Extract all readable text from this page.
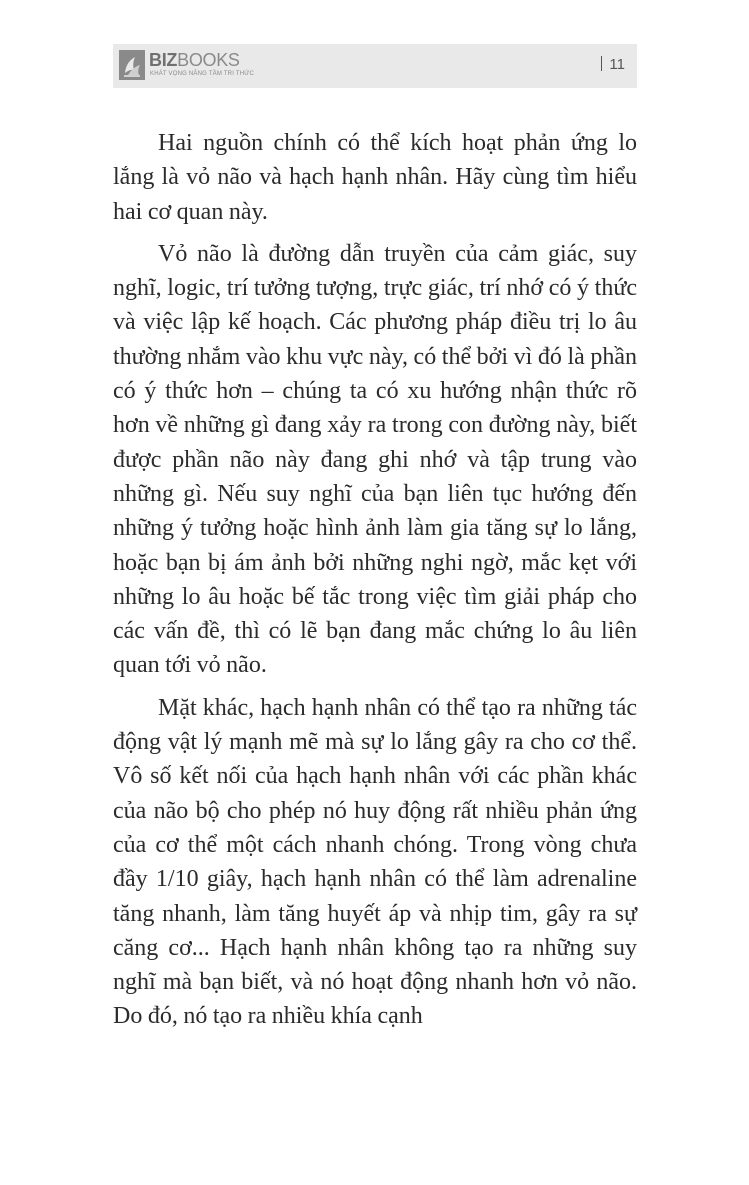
BIZBOOKS
KHÁT VỌNG NÂNG TẦM TRI THỨC
11

Hai nguồn chính có thể kích hoạt phản ứng lo lắng là vỏ não và hạch hạnh nhân. Hãy cùng tìm hiểu hai cơ quan này.

Vỏ não là đường dẫn truyền của cảm giác, suy nghĩ, logic, trí tưởng tượng, trực giác, trí nhớ có ý thức và việc lập kế hoạch. Các phương pháp điều trị lo âu thường nhắm vào khu vực này, có thể bởi vì đó là phần có ý thức hơn – chúng ta có xu hướng nhận thức rõ hơn về những gì đang xảy ra trong con đường này, biết được phần não này đang ghi nhớ và tập trung vào những gì. Nếu suy nghĩ của bạn liên tục hướng đến những ý tưởng hoặc hình ảnh làm gia tăng sự lo lắng, hoặc bạn bị ám ảnh bởi những nghi ngờ, mắc kẹt với những lo âu hoặc bế tắc trong việc tìm giải pháp cho các vấn đề, thì có lẽ bạn đang mắc chứng lo âu liên quan tới vỏ não.

Mặt khác, hạch hạnh nhân có thể tạo ra những tác động vật lý mạnh mẽ mà sự lo lắng gây ra cho cơ thể. Vô số kết nối của hạch hạnh nhân với các phần khác của não bộ cho phép nó huy động rất nhiều phản ứng của cơ thể một cách nhanh chóng. Trong vòng chưa đầy 1/10 giây, hạch hạnh nhân có thể làm adrenaline tăng nhanh, làm tăng huyết áp và nhịp tim, gây ra sự căng cơ... Hạch hạnh nhân không tạo ra những suy nghĩ mà bạn biết, và nó hoạt động nhanh hơn vỏ não. Do đó, nó tạo ra nhiều khía cạnh
